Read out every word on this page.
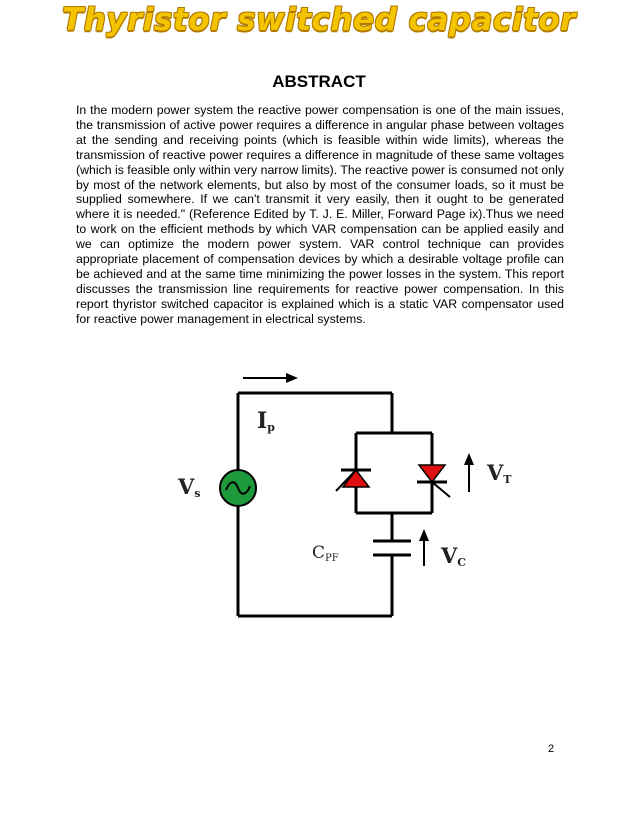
Thyristor switched capacitor
ABSTRACT

In the modern power system the reactive power compensation is one of the main issues, the transmission of active power requires a difference in angular phase between voltages at the sending and receiving points (which is feasible within wide limits), whereas the transmission of reactive power requires a difference in magnitude of these same voltages (which is feasible only within very narrow limits). The reactive power is consumed not only by most of the network elements, but also by most of the consumer loads, so it must be supplied somewhere. If we can't transmit it very easily, then it ought to be generated where it is needed." (Reference Edited by T. J. E. Miller, Forward Page ix).Thus we need to work on the efficient methods by which VAR compensation can be applied easily and we can optimize the modern power system. VAR control technique can provides appropriate placement of compensation devices by which a desirable voltage profile can be achieved and at the same time minimizing the power losses in the system. This report discusses the transmission line requirements for reactive power compensation. In this report thyristor switched capacitor is explained which is a static VAR compensator used for reactive power management in electrical systems.

Ip
Vs
VT
CPF	VC
2
